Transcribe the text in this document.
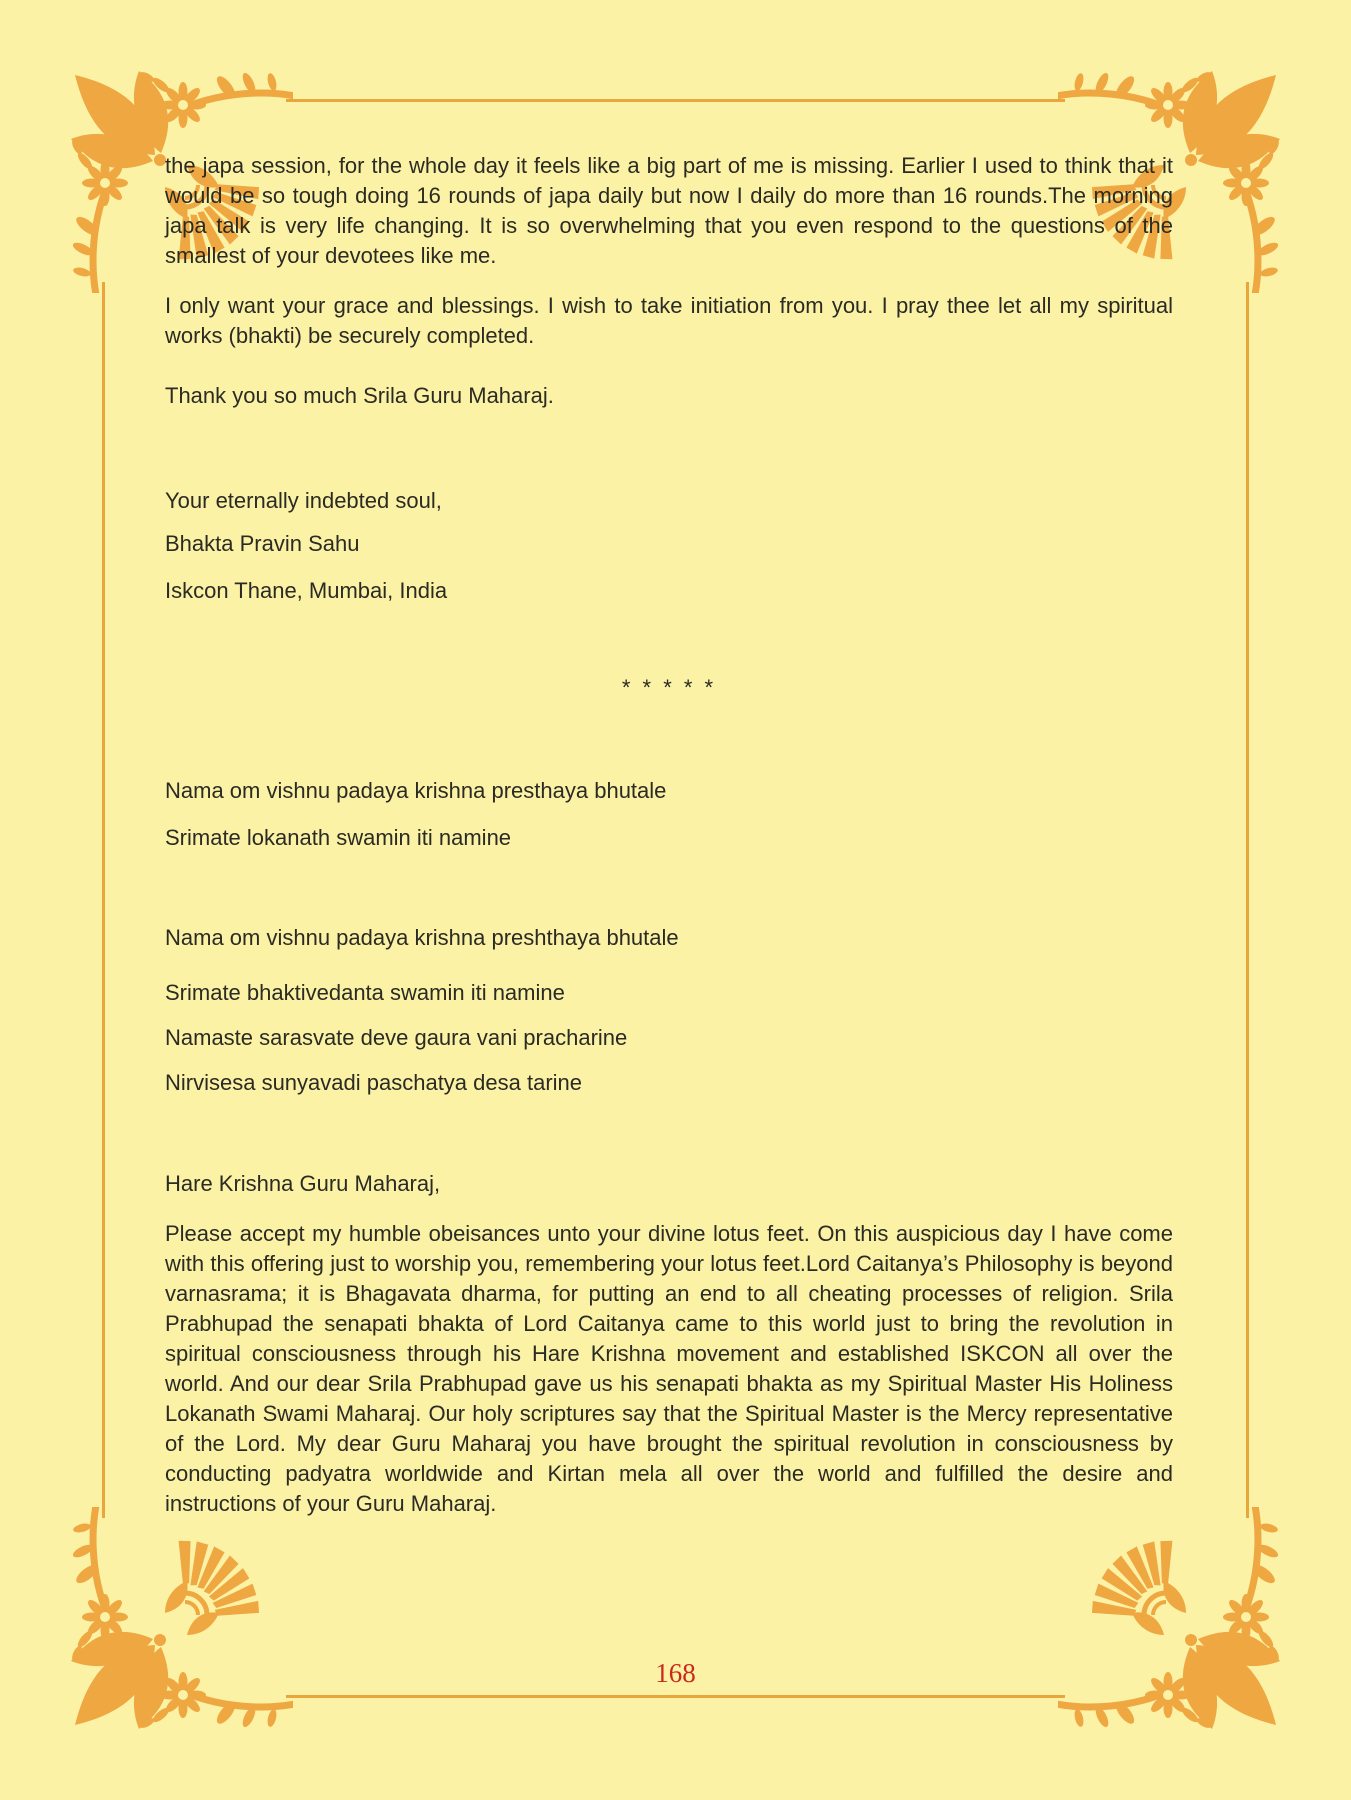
the japa session, for the whole day it feels like a big part of me is missing. Earlier I used to think that it would be so tough doing 16 rounds of japa daily but now I daily do more than 16 rounds.The morning japa talk is very life changing. It is so overwhelming that you even respond to the questions of the smallest of your devotees like me.

I only want your grace and blessings. I wish to take initiation from you. I pray thee let all my spiritual works (bhakti) be securely completed.

Thank you so much Srila Guru Maharaj.

Your eternally indebted soul,

Bhakta Pravin Sahu

Iskcon Thane, Mumbai, India

* * * * *

Nama om vishnu padaya krishna presthaya bhutale

Srimate lokanath swamin iti namine

Nama om vishnu padaya krishna preshthaya bhutale

Srimate bhaktivedanta swamin iti namine

Namaste sarasvate deve gaura vani pracharine

Nirvisesa sunyavadi paschatya desa tarine

Hare Krishna Guru Maharaj,

Please accept my humble obeisances unto your divine lotus feet. On this auspicious day I have come with this offering just to worship you, remembering your lotus feet.Lord Caitanya’s Philosophy is beyond varnasrama; it is Bhagavata dharma, for putting an end to all cheating processes of religion. Srila Prabhupad the senapati bhakta of Lord Caitanya came to this world just to bring the revolution in spiritual consciousness through his Hare Krishna movement and established ISKCON all over the world. And our dear Srila Prabhupad gave us his senapati bhakta as my Spiritual Master His Holiness Lokanath Swami Maharaj. Our holy scriptures say that the Spiritual Master is the Mercy representative of the Lord. My dear Guru Maharaj you have brought the spiritual revolution in consciousness by conducting padyatra worldwide and Kirtan mela all over the world and fulfilled the desire and instructions of your Guru Maharaj.

168
